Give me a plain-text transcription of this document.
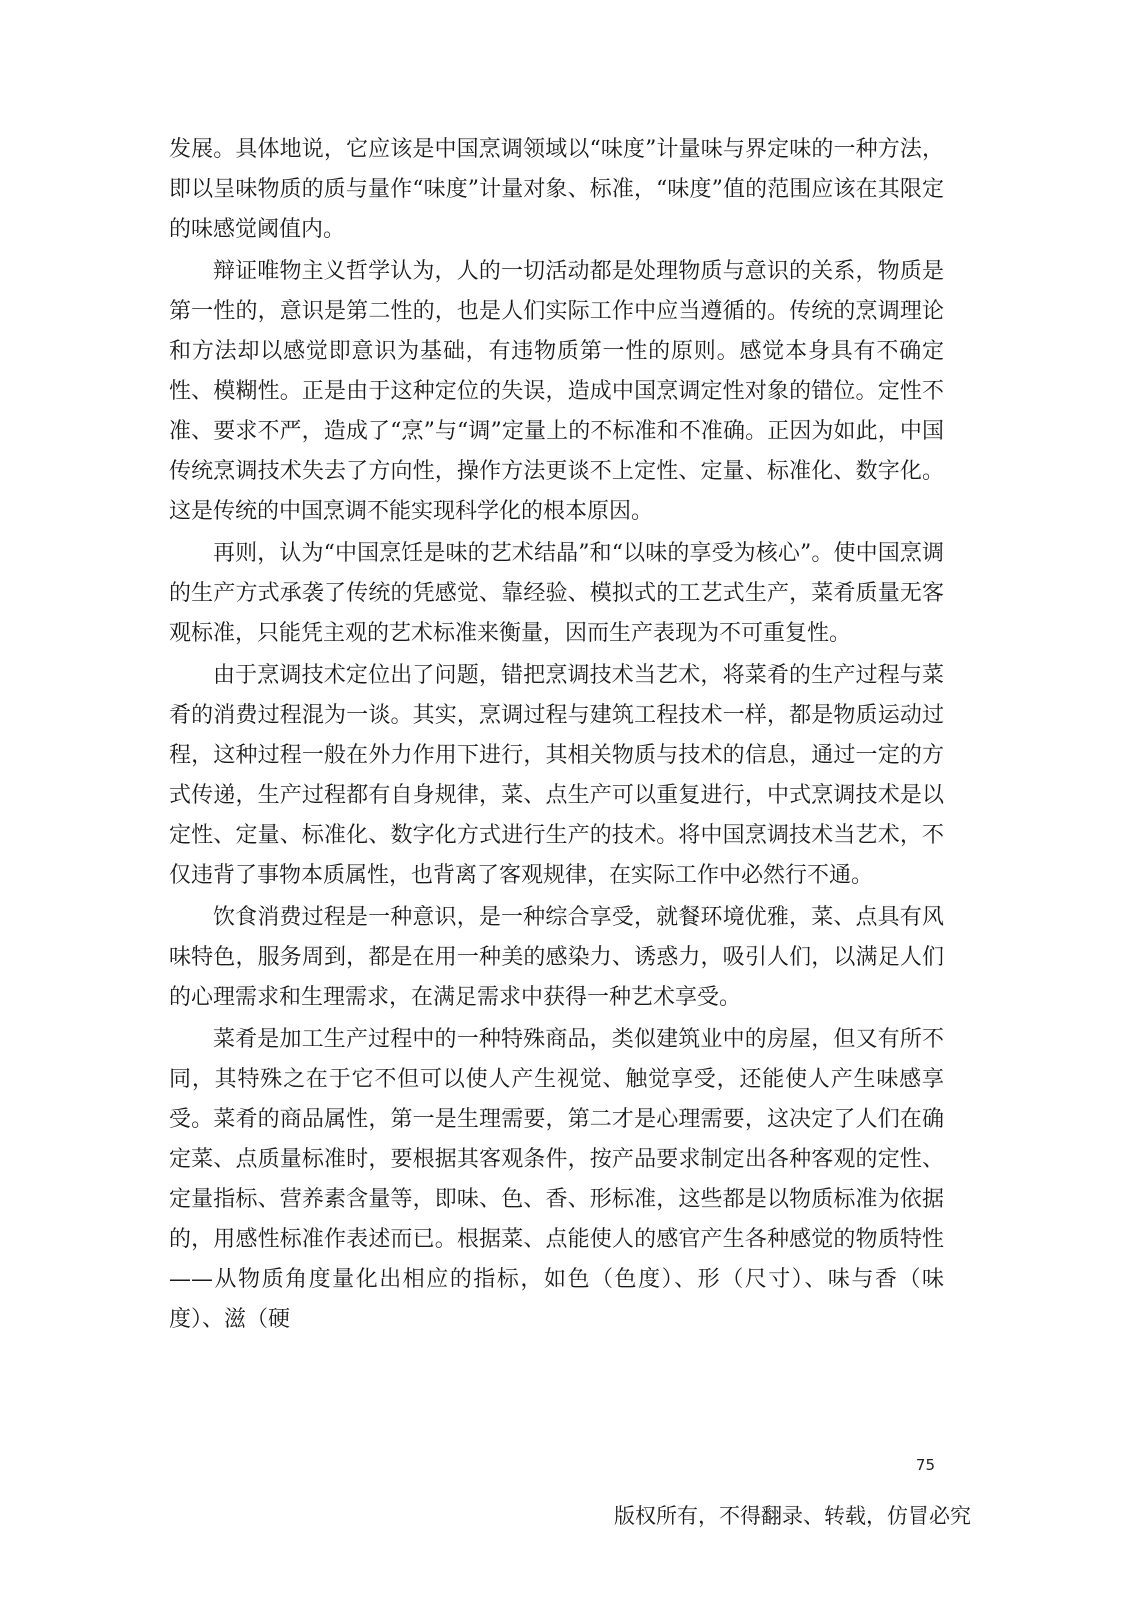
发展。具体地说，它应该是中国烹调领域以“味度”计量味与界定味的一种方法，即以呈味物质的质与量作“味度”计量对象、标准，“味度”值的范围应该在其限定的味感觉阈值内。

辩证唯物主义哲学认为，人的一切活动都是处理物质与意识的关系，物质是第一性的，意识是第二性的，也是人们实际工作中应当遵循的。传统的烹调理论和方法却以感觉即意识为基础，有违物质第一性的原则。感觉本身具有不确定性、模糊性。正是由于这种定位的失误，造成中国烹调定性对象的错位。定性不准、要求不严，造成了“烹”与“调”定量上的不标准和不准确。正因为如此，中国传统烹调技术失去了方向性，操作方法更谈不上定性、定量、标准化、数字化。这是传统的中国烹调不能实现科学化的根本原因。

再则，认为“中国烹饪是味的艺术结晶”和“以味的享受为核心”。使中国烹调的生产方式承袭了传统的凭感觉、靠经验、模拟式的工艺式生产，菜肴质量无客观标准，只能凭主观的艺术标准来衡量，因而生产表现为不可重复性。

由于烹调技术定位出了问题，错把烹调技术当艺术，将菜肴的生产过程与菜肴的消费过程混为一谈。其实，烹调过程与建筑工程技术一样，都是物质运动过程，这种过程一般在外力作用下进行，其相关物质与技术的信息，通过一定的方式传递，生产过程都有自身规律，菜、点生产可以重复进行，中式烹调技术是以定性、定量、标准化、数字化方式进行生产的技术。将中国烹调技术当艺术，不仅违背了事物本质属性，也背离了客观规律，在实际工作中必然行不通。

饮食消费过程是一种意识，是一种综合享受，就餐环境优雅，菜、点具有风味特色，服务周到，都是在用一种美的感染力、诱惑力，吸引人们，以满足人们的心理需求和生理需求，在满足需求中获得一种艺术享受。

菜肴是加工生产过程中的一种特殊商品，类似建筑业中的房屋，但又有所不同，其特殊之在于它不但可以使人产生视觉、触觉享受，还能使人产生味感享受。菜肴的商品属性，第一是生理需要，第二才是心理需要，这决定了人们在确定菜、点质量标准时，要根据其客观条件，按产品要求制定出各种客观的定性、定量指标、营养素含量等，即味、色、香、形标准，这些都是以物质标准为依据的，用感性标准作表述而已。根据菜、点能使人的感官产生各种感觉的物质特性——从物质角度量化出相应的指标，如色（色度）、形（尺寸）、味与香（味度）、滋（硬

75
版权所有，不得翻录、转载，仿冒必究
